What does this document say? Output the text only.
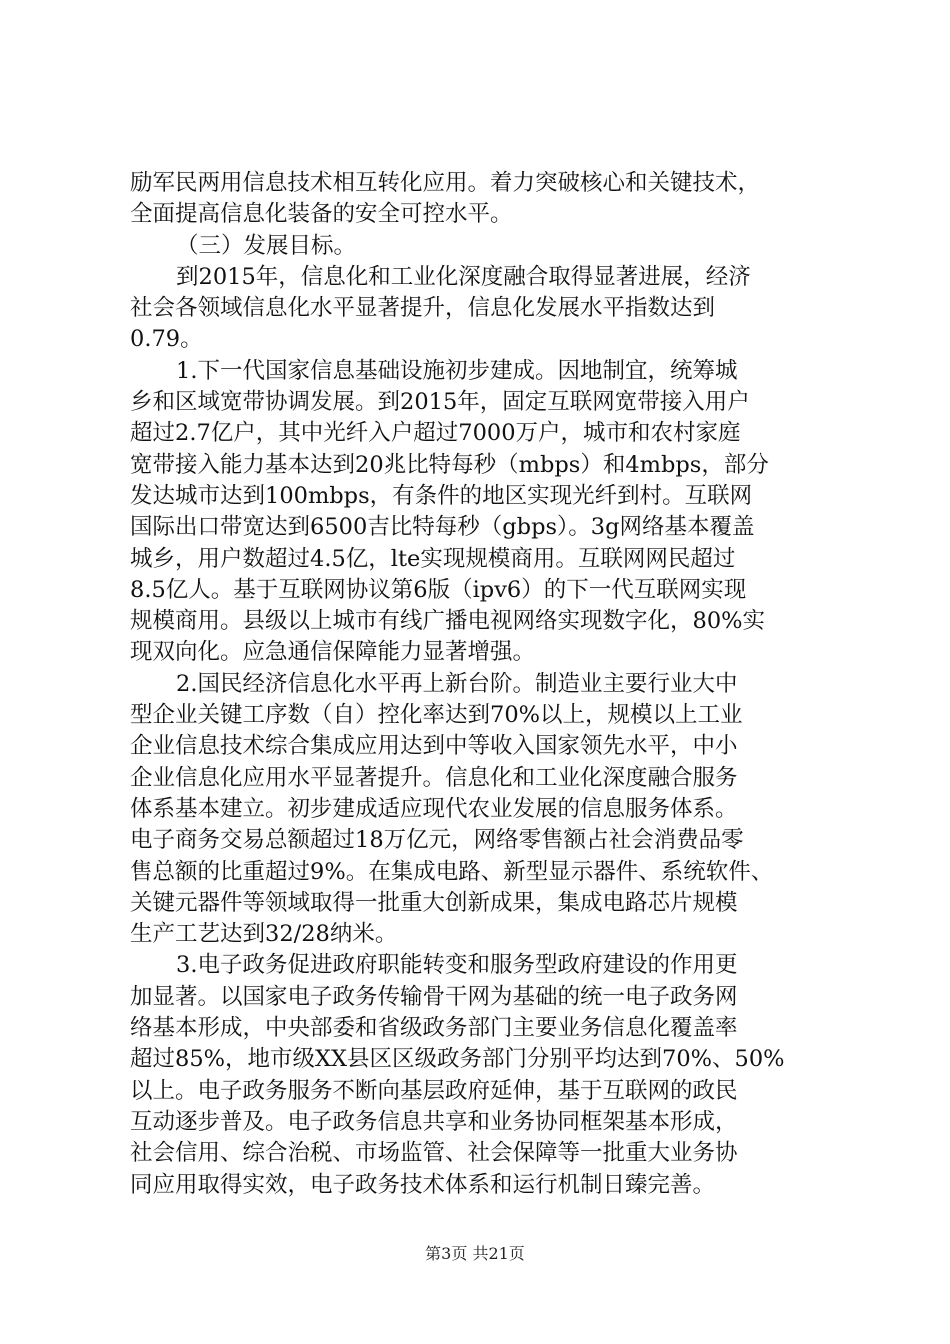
励军民两用信息技术相互转化应用。着力突破核心和关键技术，
全面提高信息化装备的安全可控水平。
（三）发展目标。
到2015年，信息化和工业化深度融合取得显著进展，经济
社会各领域信息化水平显著提升，信息化发展水平指数达到
0.79。
1.下一代国家信息基础设施初步建成。因地制宜，统筹城
乡和区域宽带协调发展。到2015年，固定互联网宽带接入用户
超过2.7亿户，其中光纤入户超过7000万户，城市和农村家庭
宽带接入能力基本达到20兆比特每秒（mbps）和4mbps，部分
发达城市达到100mbps，有条件的地区实现光纤到村。互联网
国际出口带宽达到6500吉比特每秒（gbps）。3g网络基本覆盖
城乡，用户数超过4.5亿，lte实现规模商用。互联网网民超过
8.5亿人。基于互联网协议第6版（ipv6）的下一代互联网实现
规模商用。县级以上城市有线广播电视网络实现数字化，80%实
现双向化。应急通信保障能力显著增强。
2.国民经济信息化水平再上新台阶。制造业主要行业大中
型企业关键工序数（自）控化率达到70%以上，规模以上工业
企业信息技术综合集成应用达到中等收入国家领先水平，中小
企业信息化应用水平显著提升。信息化和工业化深度融合服务
体系基本建立。初步建成适应现代农业发展的信息服务体系。
电子商务交易总额超过18万亿元，网络零售额占社会消费品零
售总额的比重超过9%。在集成电路、新型显示器件、系统软件、
关键元器件等领域取得一批重大创新成果，集成电路芯片规模
生产工艺达到32/28纳米。
3.电子政务促进政府职能转变和服务型政府建设的作用更
加显著。以国家电子政务传输骨干网为基础的统一电子政务网
络基本形成，中央部委和省级政务部门主要业务信息化覆盖率
超过85%，地市级XX县区区级政务部门分别平均达到70%、50%
以上。电子政务服务不断向基层政府延伸，基于互联网的政民
互动逐步普及。电子政务信息共享和业务协同框架基本形成，
社会信用、综合治税、市场监管、社会保障等一批重大业务协
同应用取得实效，电子政务技术体系和运行机制日臻完善。
第3页 共21页
